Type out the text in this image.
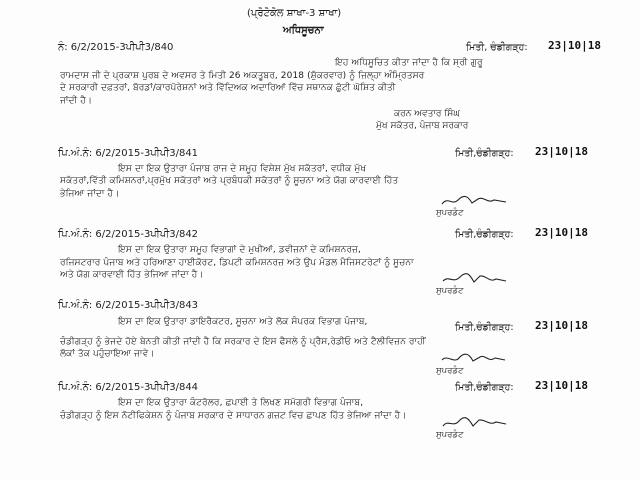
(ਪ੍ਰੋਟੋਕੋਲ ਸ਼ਾਖਾ-3 ਸ਼ਾਖਾ)
ਅਧਿਸੂਚਨਾ
ਨੰ: 6/2/2015-3ਪੀਪੀ3/840	ਮਿਤੀ, ਚੰਡੀਗੜ੍ਹ: 23|10|18
ਇਹ ਅਧਿਸੂਚਿਤ ਕੀਤਾ ਜਾਂਦਾ ਹੈ ਕਿ ਸ੍ਰੀ ਗੁਰੂ
ਰਾਮਦਾਸ ਜੀ ਦੇ ਪ੍ਰਕਾਸ਼ ਪੁਰਬ ਦੇ ਅਵਸਰ ਤੇ ਮਿਤੀ 26 ਅਕਤੂਬਰ, 2018 (ਸ਼ੁੱਕਰਵਾਰ) ਨੂੰ ਜ਼ਿਲ੍ਹਾ ਅੰਮ੍ਰਿਤਸਰ
ਦੇ ਸਰਕਾਰੀ ਦਫ਼ਤਰਾਂ, ਬੋਰਡਾਂ/ਕਾਰਪੋਰੇਸ਼ਨਾਂ ਅਤੇ ਵਿੱਦਿਅਕ ਅਦਾਰਿਆਂ ਵਿੱਚ ਸਥਾਨਕ ਛੁੱਟੀ ਘੋਸ਼ਿਤ ਕੀਤੀ
ਜਾਂਦੀ ਹੈ।
ਕਰਨ ਅਵਤਾਰ ਸਿੰਘ
ਮੁੱਖ ਸਕੱਤਰ, ਪੰਜਾਬ ਸਰਕਾਰ
ਪਿ.ਅੰ.ਨੰ: 6/2/2015-3ਪੀਪੀ3/841	ਮਿਤੀ,ਚੰਡੀਗੜ੍ਹ: 23|10|18
ਇਸ ਦਾ ਇਕ ਉਤਾਰਾ ਪੰਜਾਬ ਰਾਜ ਦੇ ਸਮੂਹ ਵਿਸ਼ੇਸ਼ ਮੁੱਖ ਸਕੱਤਰਾਂ, ਵਧੀਕ ਮੁੱਖ
ਸਕੱਤਰਾਂ,ਵਿੱਤੀ ਕਮਿਸ਼ਨਰਾਂ,ਪ੍ਰਮੁੱਖ ਸਕੱਤਰਾਂ ਅਤੇ ਪ੍ਰਬੰਧਕੀ ਸਕੱਤਰਾਂ ਨੂੰ ਸੂਚਨਾ ਅਤੇ ਯੋਗ ਕਾਰਵਾਈ ਹਿੱਤ
ਭੇਜਿਆ ਜਾਂਦਾ ਹੈ।
ਸੁਪਰਡੰਟ
ਪਿ.ਅੰ.ਨੰ: 6/2/2015-3ਪੀਪੀ3/842	ਮਿਤੀ,ਚੰਡੀਗੜ੍ਹ: 23|10|18
ਇਸ ਦਾ ਇਕ ਉਤਾਰਾ ਸਮੂਹ ਵਿਭਾਗਾਂ ਦੇ ਮੁਖੀਆਂ, ਡਵੀਜ਼ਨਾਂ ਦੇ ਕਮਿਸ਼ਨਰਜ਼,
ਰਜਿਸਟਰਾਰ ਪੰਜਾਬ ਅਤੇ ਹਰਿਆਣਾ ਹਾਈਕੋਰਟ, ਡਿਪਟੀ ਕਮਿਸ਼ਨਰਜ਼ ਅਤੇ ਉਪ ਮੰਡਲ ਮੈਜਿਸਟਰੇਟਾਂ ਨੂੰ ਸੂਚਨਾ
ਅਤੇ ਯੋਗ ਕਾਰਵਾਈ ਹਿੱਤ ਭੇਜਿਆ ਜਾਂਦਾ ਹੈ।
ਸੁਪਰਡੰਟ
ਪਿ.ਅੰ.ਨੰ: 6/2/2015-3ਪੀਪੀ3/843
ਮਿਤੀ,ਚੰਡੀਗੜ੍ਹ: 23|10|18
ਇਸ ਦਾ ਇਕ ਉਤਾਰਾ ਡਾਇਰੈਕਟਰ, ਸੂਚਨਾ ਅਤੇ ਲੋਕ ਸੰਪਰਕ ਵਿਭਾਗ ਪੰਜਾਬ,
ਚੰਡੀਗੜ੍ਹ ਨੂੰ ਭੇਜਦੇ ਹੋਏ ਬੇਨਤੀ ਕੀਤੀ ਜਾਂਦੀ ਹੈ ਕਿ ਸਰਕਾਰ ਦੇ ਇਸ ਫੈਸਲੇ ਨੂੰ ਪ੍ਰੈਸ,ਰੇਡੀਓ ਅਤੇ ਟੈਲੀਵਿਜ਼ਨ ਰਾਹੀਂ
ਲੋਕਾਂ ਤੱਕ ਪਹੁੰਚਾਇਆ ਜਾਵੇ।
ਸੁਪਰਡੰਟ
ਪਿ.ਅੰ.ਨੰ: 6/2/2015-3ਪੀਪੀ3/844	ਮਿਤੀ,ਚੰਡੀਗੜ੍ਹ: 23|10|18
ਇਸ ਦਾ ਇਕ ਉਤਾਰਾ ਕੰਟਰੋਲਰ, ਛਪਾਈ ਤੇ ਲਿਖਣ ਸਮੱਗਰੀ ਵਿਭਾਗ ਪੰਜਾਬ,
ਚੰਡੀਗੜ੍ਹ ਨੂੰ ਇਸ ਨੋਟੀਫਿਕੇਸ਼ਨ ਨੂੰ ਪੰਜਾਬ ਸਰਕਾਰ ਦੇ ਸਾਧਾਰਨ ਗਜ਼ਟ ਵਿਚ ਛਾਪਣ ਹਿੱਤ ਭੇਜਿਆ ਜਾਂਦਾ ਹੈ।
ਸੁਪਰਡੰਟ
